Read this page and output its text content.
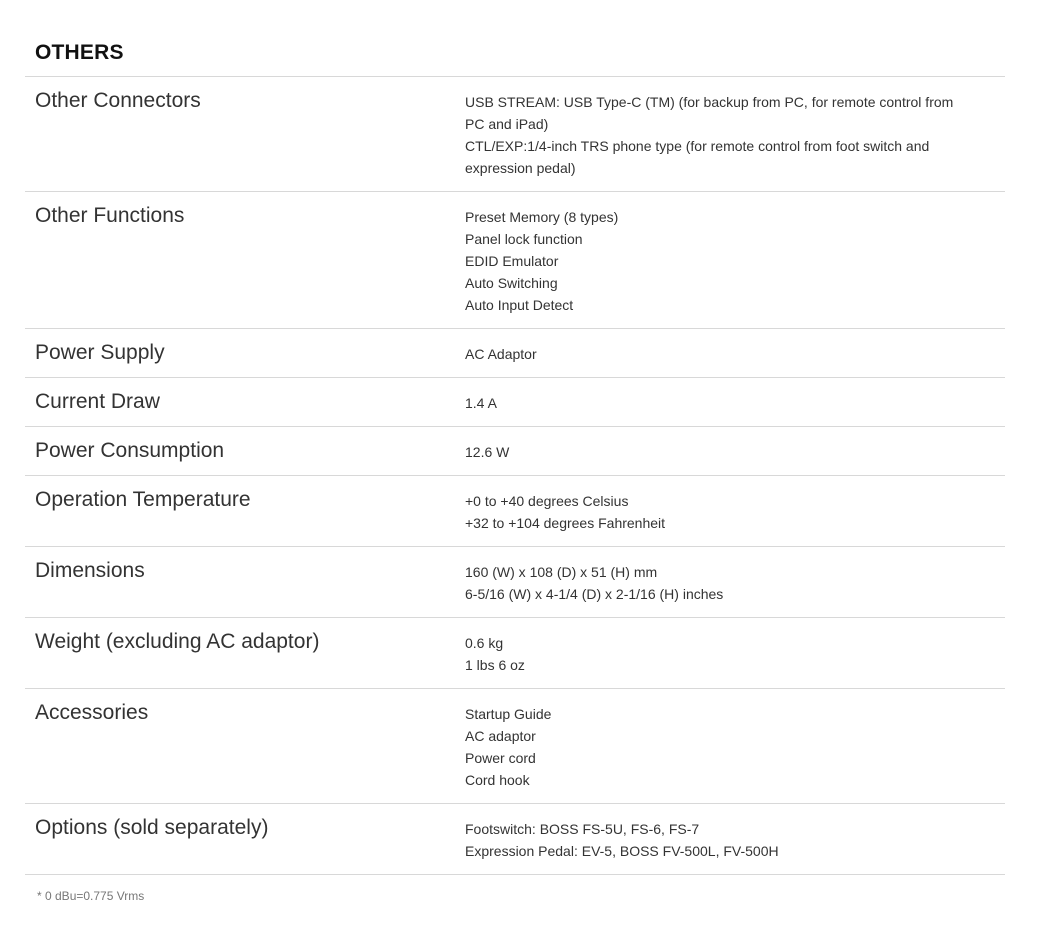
OTHERS
Other Connectors	USB STREAM: USB Type-C (TM) (for backup from PC, for remote control from PC and iPad)
CTL/EXP:1/4-inch TRS phone type (for remote control from foot switch and expression pedal)
Other Functions	Preset Memory (8 types)
Panel lock function
EDID Emulator
Auto Switching
Auto Input Detect
Power Supply	AC Adaptor
Current Draw	1.4 A
Power Consumption	12.6 W
Operation Temperature	+0 to +40 degrees Celsius
+32 to +104 degrees Fahrenheit
Dimensions	160 (W) x 108 (D) x 51 (H) mm
6-5/16 (W) x 4-1/4 (D) x 2-1/16 (H) inches
Weight (excluding AC adaptor)	0.6 kg
1 lbs 6 oz
Accessories	Startup Guide
AC adaptor
Power cord
Cord hook
Options (sold separately)	Footswitch: BOSS FS-5U, FS-6, FS-7
Expression Pedal: EV-5, BOSS FV-500L, FV-500H
* 0 dBu=0.775 Vrms
